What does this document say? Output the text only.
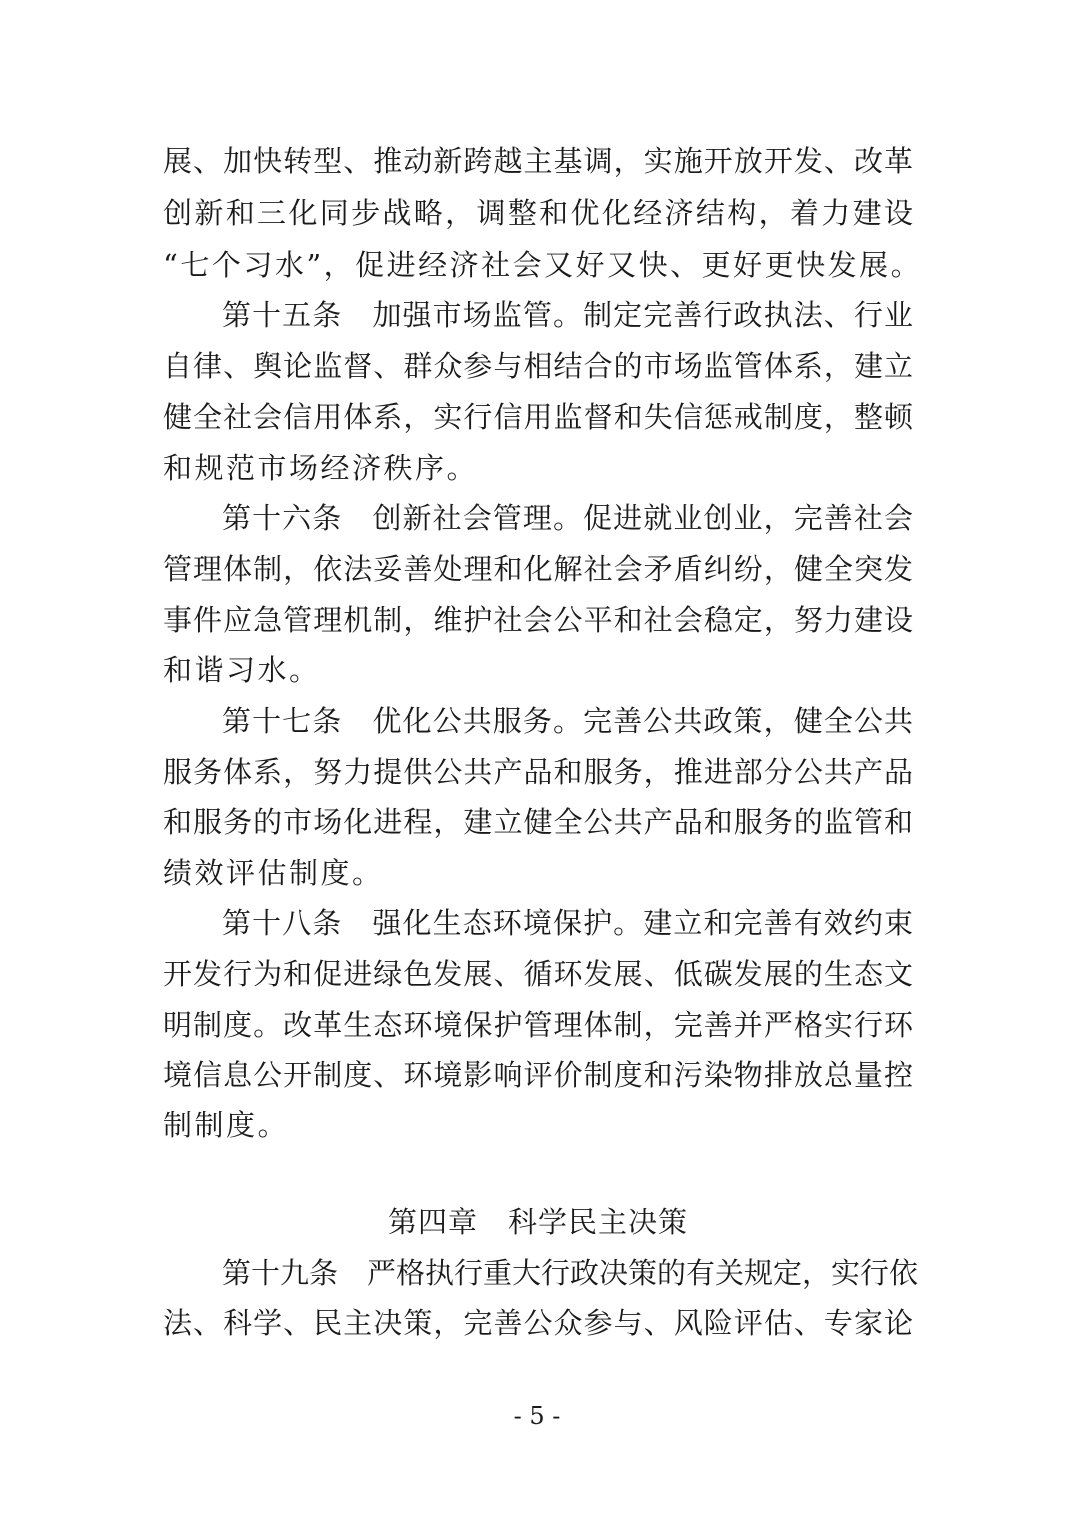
展、加快转型、推动新跨越主基调，实施开放开发、改革
创新和三化同步战略，调整和优化经济结构，着力建设
“七个习水”，促进经济社会又好又快、更好更快发展。
第十五条　加强市场监管。制定完善行政执法、行业
自律、舆论监督、群众参与相结合的市场监管体系，建立
健全社会信用体系，实行信用监督和失信惩戒制度，整顿
和规范市场经济秩序。
第十六条　创新社会管理。促进就业创业，完善社会
管理体制，依法妥善处理和化解社会矛盾纠纷，健全突发
事件应急管理机制，维护社会公平和社会稳定，努力建设
和谐习水。
第十七条　优化公共服务。完善公共政策，健全公共
服务体系，努力提供公共产品和服务，推进部分公共产品
和服务的市场化进程，建立健全公共产品和服务的监管和
绩效评估制度。
第十八条　强化生态环境保护。建立和完善有效约束
开发行为和促进绿色发展、循环发展、低碳发展的生态文
明制度。改革生态环境保护管理体制，完善并严格实行环
境信息公开制度、环境影响评价制度和污染物排放总量控
制制度。
第四章　科学民主决策
第十九条　严格执行重大行政决策的有关规定，实行依
法、科学、民主决策，完善公众参与、风险评估、专家论
- 5 -
